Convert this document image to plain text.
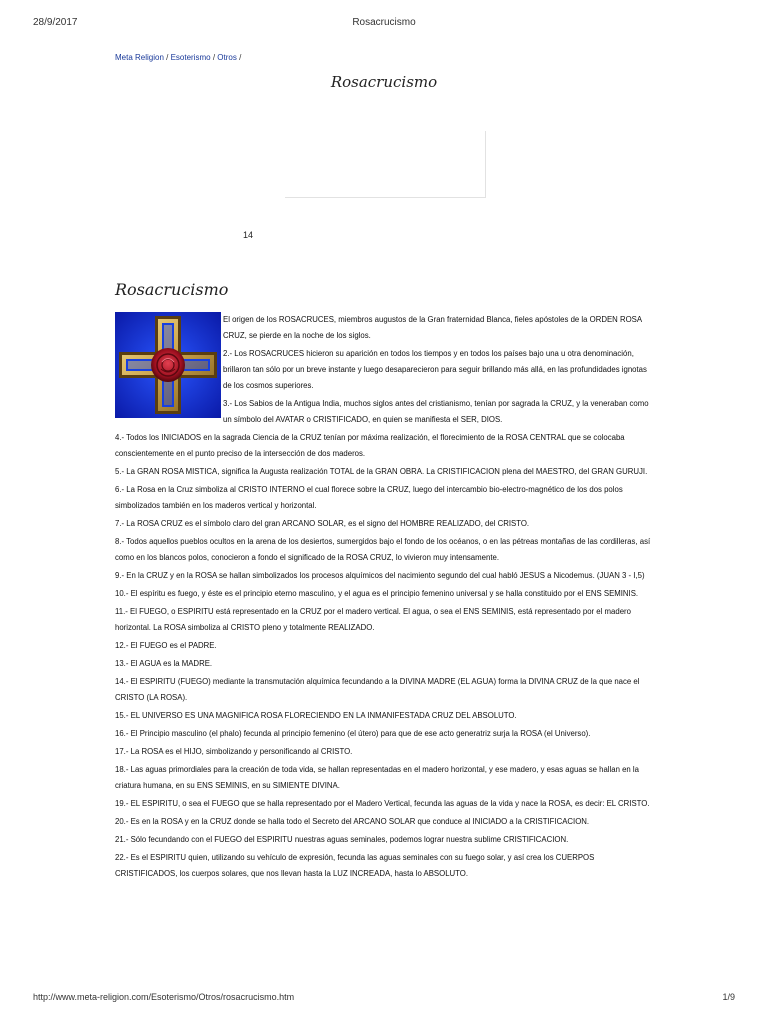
28/9/2017	Rosacrucismo
Meta Religion / Esoterismo / Otros /
Rosacrucismo
14
Rosacrucismo

El origen de los ROSACRUCES, miembros augustos de la Gran fraternidad Blanca, fieles apóstoles de la ORDEN ROSA CRUZ, se pierde en la noche de los siglos.

2.- Los ROSACRUCES hicieron su aparición en todos los tiempos y en todos los países bajo una u otra denominación, brillaron tan sólo por un breve instante y luego desaparecieron para seguir brillando más allá, en las profundidades ignotas de los cosmos superiores.

3.- Los Sabios de la Antigua India, muchos siglos antes del cristianismo, tenían por sagrada la CRUZ, y la veneraban como un símbolo del AVATAR o CRISTIFICADO, en quien se manifiesta el SER, DIOS.

4.- Todos los INICIADOS en la sagrada Ciencia de la CRUZ tenían por máxima realización, el florecimiento de la ROSA CENTRAL que se colocaba conscientemente en el punto preciso de la intersección de dos maderos.

5.- La GRAN ROSA MISTICA, significa la Augusta realización TOTAL de la GRAN OBRA. La CRISTIFICACION plena del MAESTRO, del GRAN GURUJI.

6.- La Rosa en la Cruz simboliza al CRISTO INTERNO el cual florece sobre la CRUZ, luego del intercambio bio-electro-magnético de los dos polos simbolizados también en los maderos vertical y horizontal.

7.- La ROSA CRUZ es el símbolo claro del gran ARCANO SOLAR, es el signo del HOMBRE REALIZADO, del CRISTO.

8.- Todos aquellos pueblos ocultos en la arena de los desiertos, sumergidos bajo el fondo de los océanos, o en las pétreas montañas de las cordilleras, así como en los blancos polos, conocieron a fondo el significado de la ROSA CRUZ, lo vivieron muy intensamente.

9.- En la CRUZ y en la ROSA se hallan simbolizados los procesos alquímicos del nacimiento segundo del cual habló JESUS a Nicodemus. (JUAN 3 - I,5)

10.- El espíritu es fuego, y éste es el principio eterno masculino, y el agua es el principio femenino universal y se halla constituido por el ENS SEMINIS.

11.- El FUEGO, o ESPIRITU está representado en la CRUZ por el madero vertical. El agua, o sea el ENS SEMINIS, está representado por el madero horizontal. La ROSA simboliza al CRISTO pleno y totalmente REALIZADO.

12.- El FUEGO es el PADRE.

13.- El AGUA es la MADRE.

14.- El ESPIRITU (FUEGO) mediante la transmutación alquímica fecundando a la DIVINA MADRE (EL AGUA) forma la DIVINA CRUZ de la que nace el CRISTO (LA ROSA).

15.- EL UNIVERSO ES UNA MAGNIFICA ROSA FLORECIENDO EN LA INMANIFESTADA CRUZ DEL ABSOLUTO.

16.- El Principio masculino (el phalo) fecunda al principio femenino (el útero) para que de ese acto generatriz surja la ROSA (el Universo).

17.- La ROSA es el HIJO, simbolizando y personificando al CRISTO.

18.- Las aguas primordiales para la creación de toda vida, se hallan representadas en el madero horizontal, y ese madero, y esas aguas se hallan en la criatura humana, en su ENS SEMINIS, en su SIMIENTE DIVINA.

19.- EL ESPIRITU, o sea el FUEGO que se halla representado por el Madero Vertical, fecunda las aguas de la vida y nace la ROSA, es decir: EL CRISTO.

20.- Es en la ROSA y en la CRUZ donde se halla todo el Secreto del ARCANO SOLAR que conduce al INICIADO a la CRISTIFICACION.

21.- Sólo fecundando con el FUEGO del ESPIRITU nuestras aguas seminales, podemos lograr nuestra sublime CRISTIFICACION.

22.- Es el ESPIRITU quien, utilizando su vehículo de expresión, fecunda las aguas seminales con su fuego solar, y así crea los CUERPOS CRISTIFICADOS, los cuerpos solares, que nos llevan hasta la LUZ INCREADA, hasta lo ABSOLUTO.

http://www.meta-religion.com/Esoterismo/Otros/rosacrucismo.htm	1/9
